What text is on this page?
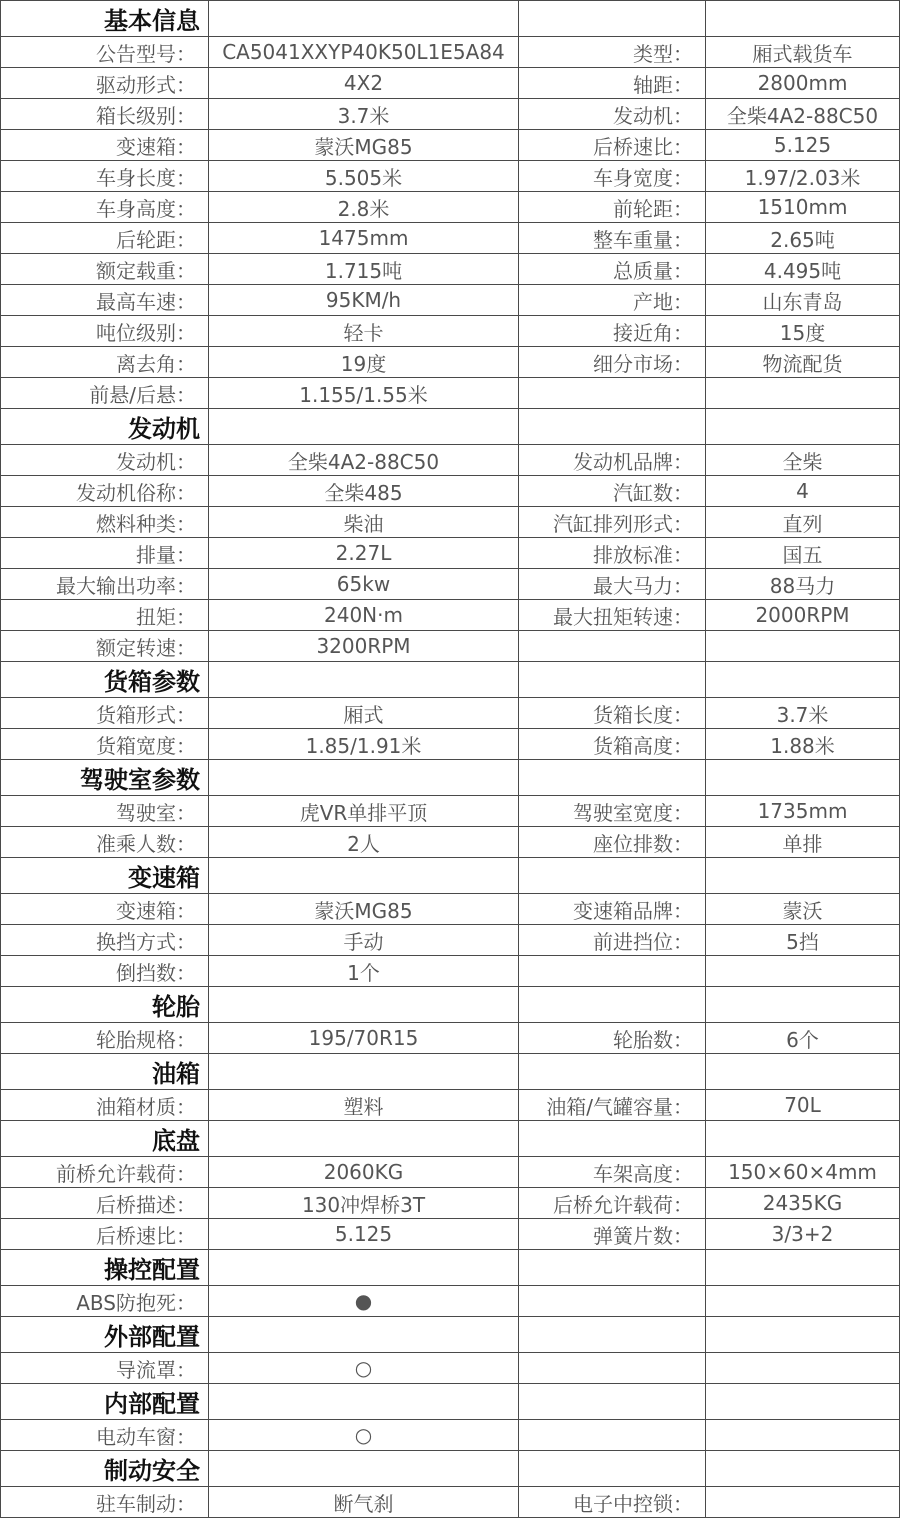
基本信息			
公告型号：	CA5041XXYP40K50L1E5A84	类型：	厢式载货车
驱动形式：	4X2	轴距：	2800mm
箱长级别：	3.7米	发动机：	全柴4A2-88C50
变速箱：	蒙沃MG85	后桥速比：	5.125
车身长度：	5.505米	车身宽度：	1.97/2.03米
车身高度：	2.8米	前轮距：	1510mm
后轮距：	1475mm	整车重量：	2.65吨
额定载重：	1.715吨	总质量：	4.495吨
最高车速：	95KM/h	产地：	山东青岛
吨位级别：	轻卡	接近角：	15度
离去角：	19度	细分市场：	物流配货
前悬/后悬：	1.155/1.55米		
发动机			
发动机：	全柴4A2-88C50	发动机品牌：	全柴
发动机俗称：	全柴485	汽缸数：	4
燃料种类：	柴油	汽缸排列形式：	直列
排量：	2.27L	排放标准：	国五
最大输出功率：	65kw	最大马力：	88马力
扭矩：	240N·m	最大扭矩转速：	2000RPM
额定转速：	3200RPM		
货箱参数			
货箱形式：	厢式	货箱长度：	3.7米
货箱宽度：	1.85/1.91米	货箱高度：	1.88米
驾驶室参数			
驾驶室：	虎VR单排平顶	驾驶室宽度：	1735mm
准乘人数：	2人	座位排数：	单排
变速箱			
变速箱：	蒙沃MG85	变速箱品牌：	蒙沃
换挡方式：	手动	前进挡位：	5挡
倒挡数：	1个		
轮胎			
轮胎规格：	195/70R15	轮胎数：	6个
油箱			
油箱材质：	塑料	油箱/气罐容量：	70L
底盘			
前桥允许载荷：	2060KG	车架高度：	150×60×4mm
后桥描述：	130冲焊桥3T	后桥允许载荷：	2435KG
后桥速比：	5.125	弹簧片数：	3/3+2
操控配置			
ABS防抱死：	●		
外部配置			
导流罩：	○		
内部配置			
电动车窗：	○		
制动安全			
驻车制动：	断气刹	电子中控锁：	
